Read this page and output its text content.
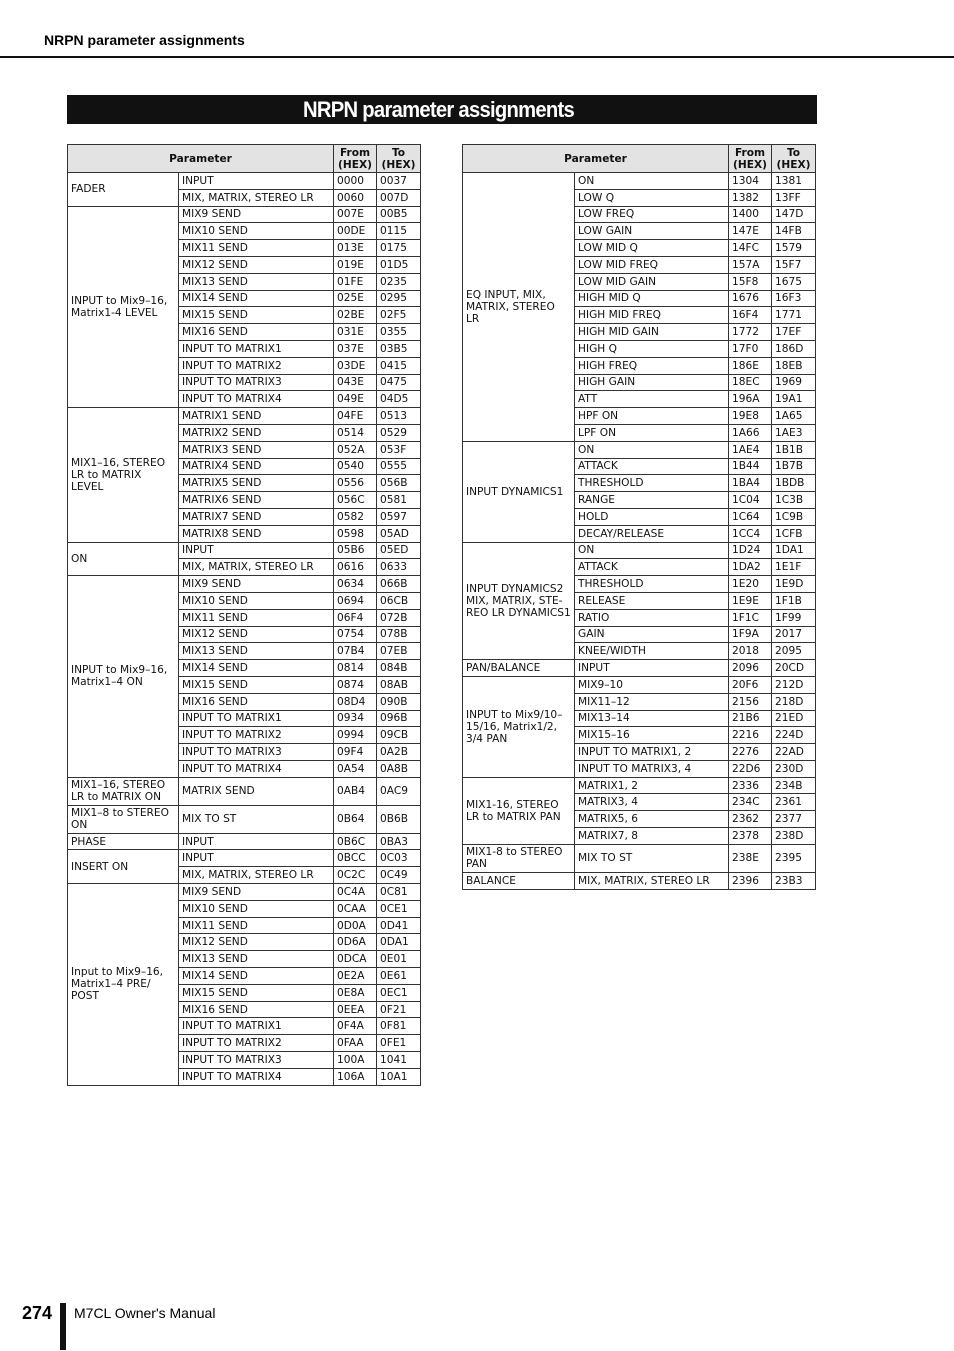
NRPN parameter assignments
NRPN parameter assignments
Parameter		From (HEX)	To (HEX)
FADER	INPUT	0000	0037
	MIX, MATRIX, STEREO LR	0060	007D
INPUT to Mix9–16, Matrix1-4 LEVEL	MIX9 SEND	007E	00B5
	MIX10 SEND	00DE	0115
	MIX11 SEND	013E	0175
	MIX12 SEND	019E	01D5
	MIX13 SEND	01FE	0235
	MIX14 SEND	025E	0295
	MIX15 SEND	02BE	02F5
	MIX16 SEND	031E	0355
	INPUT TO MATRIX1	037E	03B5
	INPUT TO MATRIX2	03DE	0415
	INPUT TO MATRIX3	043E	0475
	INPUT TO MATRIX4	049E	04D5
MIX1–16, STEREO LR to MATRIX LEVEL	MATRIX1 SEND	04FE	0513
	MATRIX2 SEND	0514	0529
	MATRIX3 SEND	052A	053F
	MATRIX4 SEND	0540	0555
	MATRIX5 SEND	0556	056B
	MATRIX6 SEND	056C	0581
	MATRIX7 SEND	0582	0597
	MATRIX8 SEND	0598	05AD
ON	INPUT	05B6	05ED
	MIX, MATRIX, STEREO LR	0616	0633
INPUT to Mix9–16, Matrix1–4 ON	MIX9 SEND	0634	066B
	MIX10 SEND	0694	06CB
	MIX11 SEND	06F4	072B
	MIX12 SEND	0754	078B
	MIX13 SEND	07B4	07EB
	MIX14 SEND	0814	084B
	MIX15 SEND	0874	08AB
	MIX16 SEND	08D4	090B
	INPUT TO MATRIX1	0934	096B
	INPUT TO MATRIX2	0994	09CB
	INPUT TO MATRIX3	09F4	0A2B
	INPUT TO MATRIX4	0A54	0A8B
MIX1–16, STEREO LR to MATRIX ON	MATRIX SEND	0AB4	0AC9
MIX1–8 to STEREO ON	MIX TO ST	0B64	0B6B
PHASE	INPUT	0B6C	0BA3
INSERT ON	INPUT	0BCC	0C03
	MIX, MATRIX, STEREO LR	0C2C	0C49
Input to Mix9–16, Matrix1–4 PRE/ POST	MIX9 SEND	0C4A	0C81
	MIX10 SEND	0CAA	0CE1
	MIX11 SEND	0D0A	0D41
	MIX12 SEND	0D6A	0DA1
	MIX13 SEND	0DCA	0E01
	MIX14 SEND	0E2A	0E61
	MIX15 SEND	0E8A	0EC1
	MIX16 SEND	0EEA	0F21
	INPUT TO MATRIX1	0F4A	0F81
	INPUT TO MATRIX2	0FAA	0FE1
	INPUT TO MATRIX3	100A	1041
	INPUT TO MATRIX4	106A	10A1
Parameter		From (HEX)	To (HEX)
EQ INPUT, MIX, MATRIX, STEREO LR	ON	1304	1381
	LOW Q	1382	13FF
	LOW FREQ	1400	147D
	LOW GAIN	147E	14FB
	LOW MID Q	14FC	1579
	LOW MID FREQ	157A	15F7
	LOW MID GAIN	15F8	1675
	HIGH MID Q	1676	16F3
	HIGH MID FREQ	16F4	1771
	HIGH MID GAIN	1772	17EF
	HIGH Q	17F0	186D
	HIGH FREQ	186E	18EB
	HIGH GAIN	18EC	1969
	ATT	196A	19A1
	HPF ON	19E8	1A65
	LPF ON	1A66	1AE3
INPUT DYNAMICS1	ON	1AE4	1B1B
	ATTACK	1B44	1B7B
	THRESHOLD	1BA4	1BDB
	RANGE	1C04	1C3B
	HOLD	1C64	1C9B
	DECAY/RELEASE	1CC4	1CFB
INPUT DYNAMICS2 MIX, MATRIX, STE-REO LR DYNAMICS1	ON	1D24	1DA1
	ATTACK	1DA2	1E1F
	THRESHOLD	1E20	1E9D
	RELEASE	1E9E	1F1B
	RATIO	1F1C	1F99
	GAIN	1F9A	2017
	KNEE/WIDTH	2018	2095
PAN/BALANCE	INPUT	2096	20CD
INPUT to Mix9/10–15/16, Matrix1/2, 3/4 PAN	MIX9–10	20F6	212D
	MIX11–12	2156	218D
	MIX13–14	21B6	21ED
	MIX15–16	2216	224D
	INPUT TO MATRIX1, 2	2276	22AD
	INPUT TO MATRIX3, 4	22D6	230D
MIX1-16, STEREO LR to MATRIX PAN	MATRIX1, 2	2336	234B
	MATRIX3, 4	234C	2361
	MATRIX5, 6	2362	2377
	MATRIX7, 8	2378	238D
MIX1-8 to STEREO PAN	MIX TO ST	238E	2395
BALANCE	MIX, MATRIX, STEREO LR	2396	23B3
274 M7CL Owner's Manual
